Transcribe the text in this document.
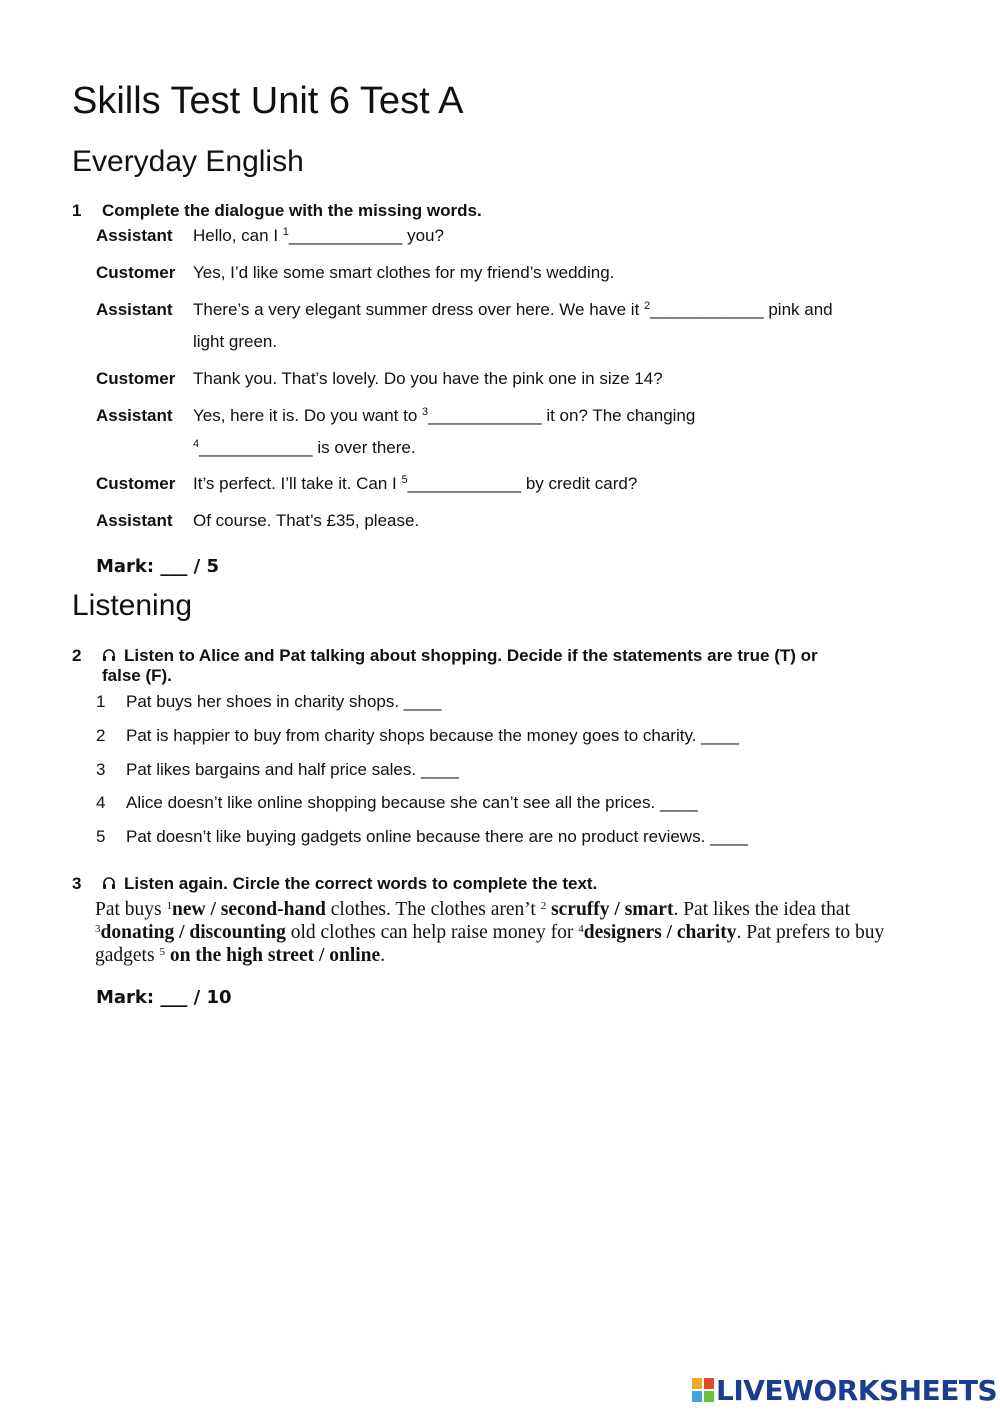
Skills Test Unit 6 Test A
Everyday English
1 Complete the dialogue with the missing words.
Assistant Hello, can I $^1$____________ you?
Customer Yes, I’d like some smart clothes for my friend’s wedding.
Assistant There’s a very elegant summer dress over here. We have it $^2$____________ pink and
light green.
Customer Thank you. That’s lovely. Do you have the pink one in size 14?
Assistant Yes, here it is. Do you want to $^3$____________ it on? The changing
$^4$____________ is over there.
Customer It’s perfect. I’ll take it. Can I $^5$____________ by credit card?
Assistant Of course. That’s £35, please.
Mark: ___ / 5
Listening
2	Listen to Alice and Pat talking about shopping. Decide if the statements are true (T) or
false (F).
1 Pat buys her shoes in charity shops. ____
2 Pat is happier to buy from charity shops because the money goes to charity. ____
3 Pat likes bargains and half price sales. ____
4 Alice doesn’t like online shopping because she can’t see all the prices. ____
5 Pat doesn’t like buying gadgets online because there are no product reviews. ____
3	Listen again. Circle the correct words to complete the text.
Pat buys $^1$new / second-hand clothes. The clothes aren’t $^2$ scruffy / smart. Pat likes the idea that $^3$donating / discounting old clothes can help raise money for $^4$designers / charity. Pat prefers to buy gadgets $^5$ on the high street / online.
Mark: ___ / 10
LIVEWORKSHEETS
